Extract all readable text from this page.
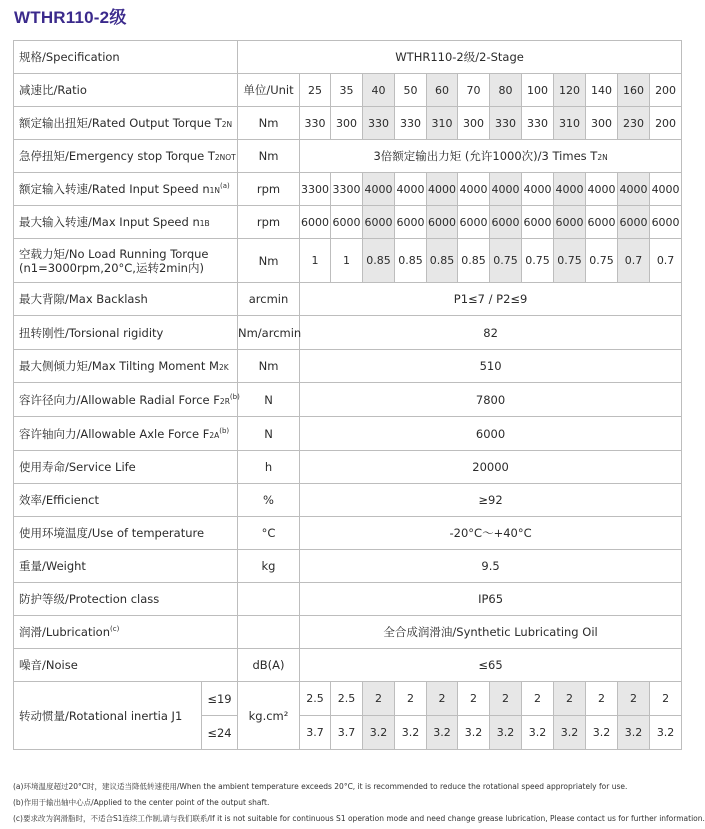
WTHR110-2级
规格/Specification		WTHR110-2级/2-Stage												
减速比/Ratio		单位/Unit	25	35	40	50	60	70	80	100	120	140	160	200
额定输出扭矩/Rated Output Torque T2N		Nm	330	300	330	330	310	300	330	330	310	300	230	200
急停扭矩/Emergency stop Torque T2NOT		Nm	3倍额定输出力矩 (允许1000次)/3 Times T2N											
额定输入转速/Rated Input Speed $n1N^{(a)}$		rpm	3300	3300	4000	4000	4000	4000	4000	4000	4000	4000	4000	4000
最大输入转速/Max Input Speed n1B		rpm	6000	6000	6000	6000	6000	6000	6000	6000	6000	6000	6000	6000
空载力矩/No Load Running Torque
(n1=3000rpm,20°C,运转2min内)		Nm	1	1	0.85	0.85	0.85	0.85	0.75	0.75	0.75	0.75	0.7	0.7
最大背隙/Max Backlash		arcmin	P1≤7 / P2≤9											
扭转刚性/Torsional rigidity		Nm/arcmin	82											
最大侧倾力矩/Max Tilting Moment M2K		Nm	510											
容许径向力/Allowable Radial Force $F2R^{(b)}$		N	7800											
容许轴向力/Allowable Axle Force $F2A^{(b)}$		N	6000											
使用寿命/Service Life		h	20000											
效率/Efficienct		%	≥92											
使用环境温度/Use of temperature		°C	-20°C～+40°C											
重量/Weight		kg	9.5											
防护等级/Protection class			IP65											
润滑/Lubrication$^{(c)}$			全合成润滑油/Synthetic Lubricating Oil											
噪音/Noise		dB(A)	≤65											
转动惯量/Rotational inertia J1	≤19	kg.cm²	2.5	2.5	2	2	2	2	2	2	2	2	2	2
	≤24		3.7	3.7	3.2	3.2	3.2	3.2	3.2	3.2	3.2	3.2	3.2	3.2
(a)环境温度超过20°C时，建议适当降低转速使用/When the ambient temperature exceeds 20°C, it is recommended to reduce the rotational speed appropriately for use.
(b)作用于输出轴中心点/Applied to the center point of the output shaft.
(c)要求改为润滑脂时，不适合S1连续工作制,请与我们联系/If it is not suitable for continuous S1 operation mode and need change grease lubrication, Please contact us for further information.
